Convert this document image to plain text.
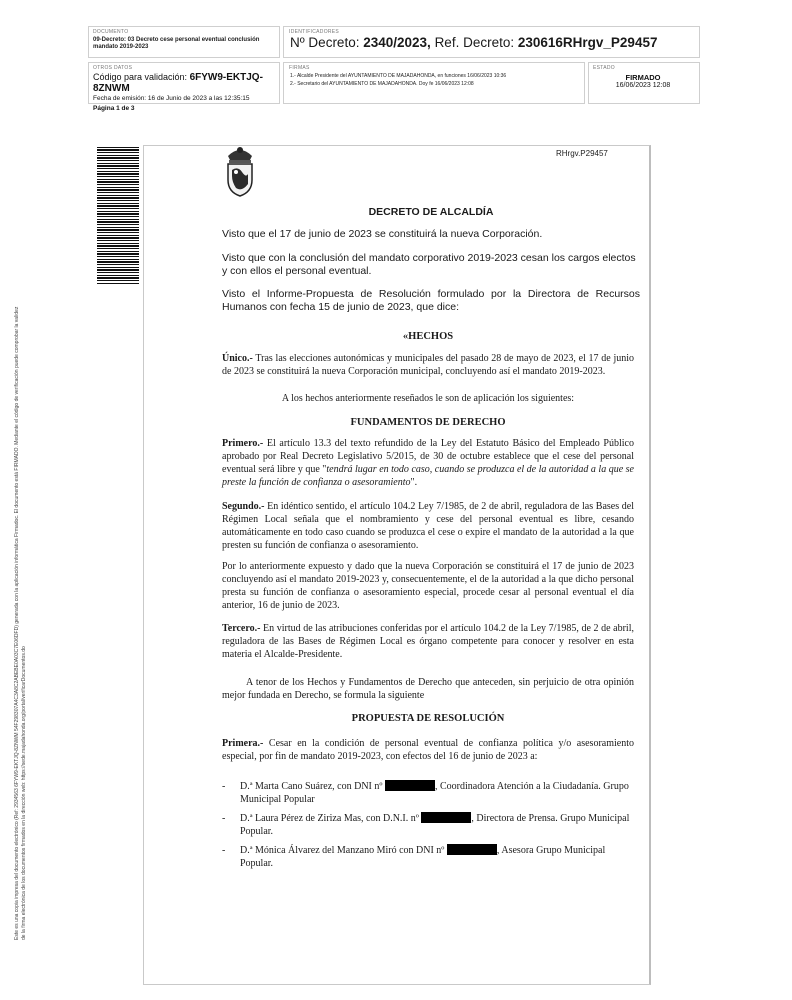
DOCUMENTO
09-Decreto: 03 Decreto cese personal eventual conclusión mandato 2019-2023
IDENTIFICADORES
Nº Decreto: 2340/2023, Ref. Decreto: 230616RHrgv_P29457
OTROS DATOS
Código para validación: 6FYW9-EKTJQ-8ZNWM
Fecha de emisión: 16 de Junio de 2023 a las 12:35:15
Página 1 de 3
FIRMAS
1.- Alcalde Presidente del AYUNTAMIENTO DE MAJADAHONDA, en funciones 16/06/2023 10:36
2.- Secretario del AYUNTAMIENTO DE MAJADAHONDA. Doy fe 16/06/2023 12:08
ESTADO
FIRMADO
16/06/2023 12:08
Este es una copia impresa del documento electrónico (Ref: 2934563 6FYW9-EKTJQ-8ZNWM 54F298307A4C3A8C2ABEBE0A03C7E06DFD) generada con la aplicación informática Firmadoc. El documento está FIRMADO. Mediante el código de verificación puede comprobar la validez de la firma electrónica de los documentos firmados en la dirección web: https://sede.majadahonda.org/portal/verificarDocumentos.do
RHrgv.P29457
DECRETO DE ALCALDÍA
Visto que el 17 de junio de 2023 se constituirá la nueva Corporación.
Visto que con la conclusión del mandato corporativo 2019-2023 cesan los cargos electos y con ellos el personal eventual.
Visto el Informe-Propuesta de Resolución formulado por la Directora de Recursos Humanos con fecha 15 de junio de 2023, que dice:
«HECHOS
Único.- Tras las elecciones autonómicas y municipales del pasado 28 de mayo de 2023, el 17 de junio de 2023 se constituirá la nueva Corporación municipal, concluyendo así el mandato 2019-2023.
A los hechos anteriormente reseñados le son de aplicación los siguientes:
FUNDAMENTOS DE DERECHO
Primero.- El artículo 13.3 del texto refundido de la Ley del Estatuto Básico del Empleado Público aprobado por Real Decreto Legislativo 5/2015, de 30 de octubre establece que el cese del personal eventual será libre y que "tendrá lugar en todo caso, cuando se produzca el de la autoridad a la que se preste la función de confianza o asesoramiento".
Segundo.- En idéntico sentido, el artículo 104.2 Ley 7/1985, de 2 de abril, reguladora de las Bases del Régimen Local señala que el nombramiento y cese del personal eventual es libre, cesando automáticamente en todo caso cuando se produzca el cese o expire el mandato de la autoridad a la que presten su función de confianza o asesoramiento.
Por lo anteriormente expuesto y dado que la nueva Corporación se constituirá el 17 de junio de 2023 concluyendo así el mandato 2019-2023 y, consecuentemente, el de la autoridad a la que dicho personal presta su función de confianza o asesoramiento especial, procede cesar al personal eventual el día anterior, 16 de junio de 2023.
Tercero.- En virtud de las atribuciones conferidas por el artículo 104.2 de la Ley 7/1985, de 2 de abril, reguladora de las Bases de Régimen Local es órgano competente para conocer y resolver en esta materia el Alcalde-Presidente.
A tenor de los Hechos y Fundamentos de Derecho que anteceden, sin perjuicio de otra opinión mejor fundada en Derecho, se formula la siguiente
PROPUESTA DE RESOLUCIÓN
Primera.- Cesar en la condición de personal eventual de confianza política y/o asesoramiento especial, por fin de mandato 2019-2023, con efectos del 16 de junio de 2023 a:
- D.ª Marta Cano Suárez, con DNI nº	, Coordinadora Atención a la Ciudadanía. Grupo Municipal Popular
- D.ª Laura Pérez de Ziriza Mas, con D.N.I. nº	, Directora de Prensa. Grupo Municipal Popular.
- D.ª Mónica Álvarez del Manzano Miró con DNI nº	, Asesora Grupo Municipal Popular.
